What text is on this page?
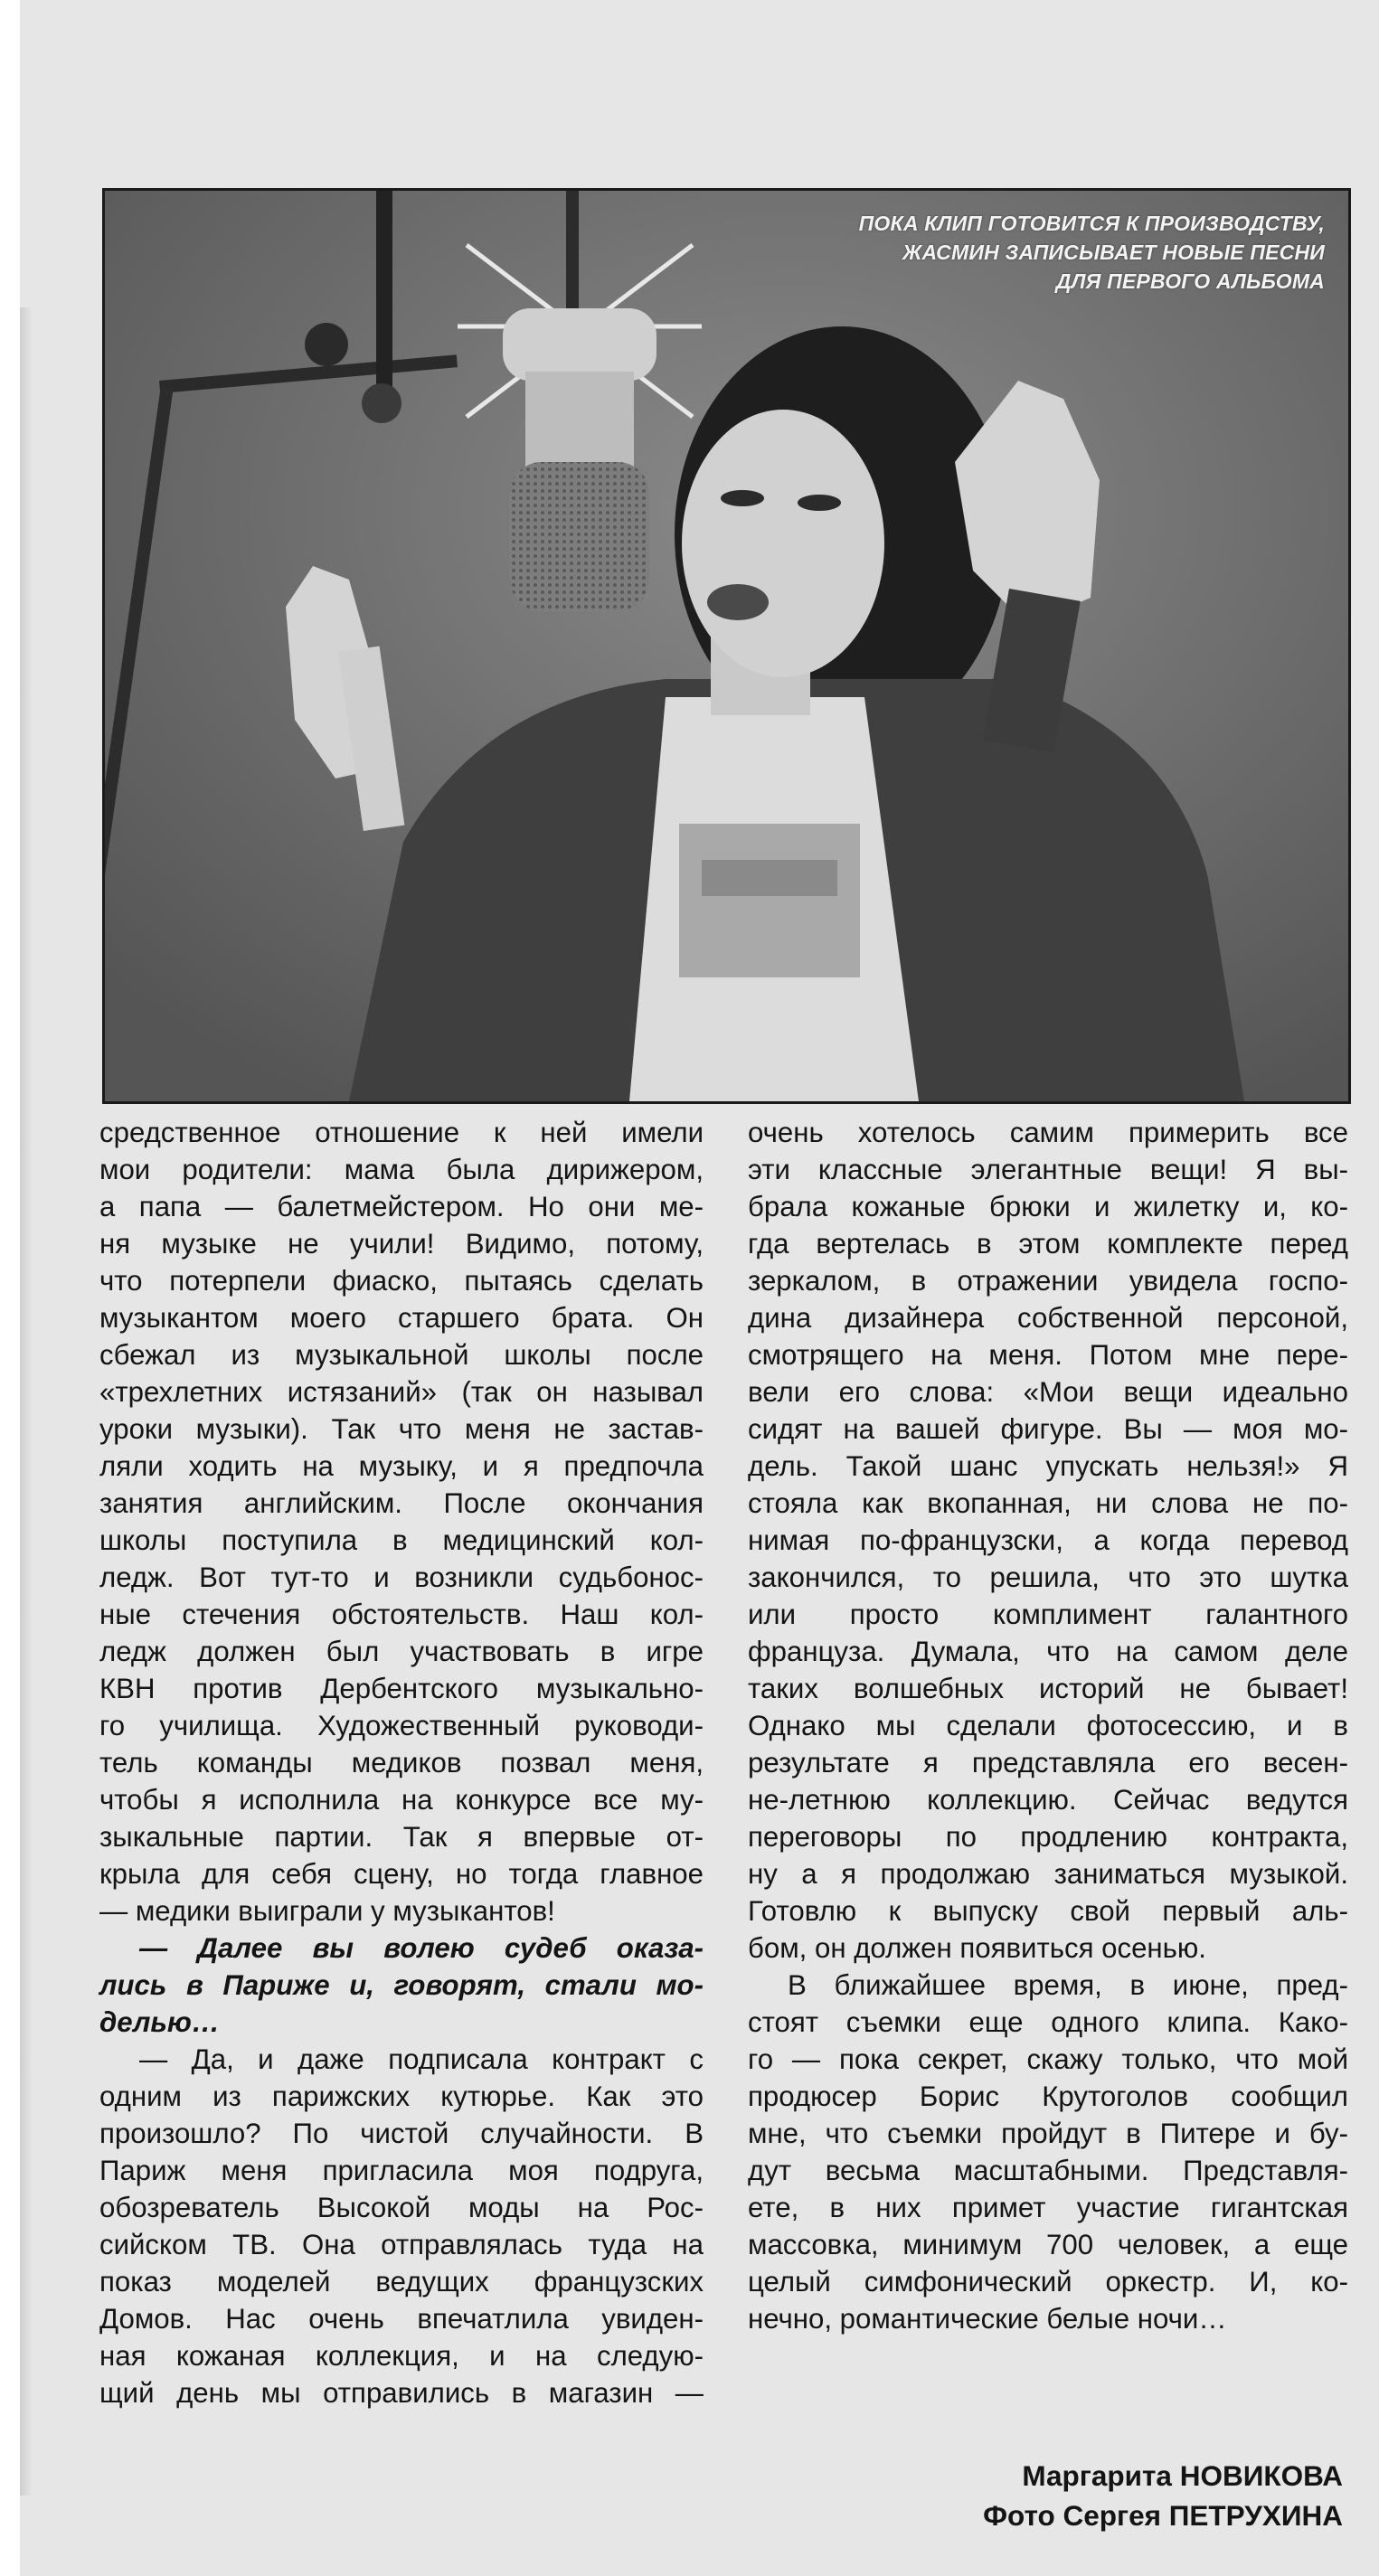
ПОКА КЛИП ГОТОВИТСЯ К ПРОИЗВОДСТВУ,
ЖАСМИН ЗАПИСЫВАЕТ НОВЫЕ ПЕСНИ
ДЛЯ ПЕРВОГО АЛЬБОМА
средственное отношение к ней имели
мои родители: мама была дирижером,
а папа — балетмейстером. Но они ме-
ня музыке не учили! Видимо, потому,
что потерпели фиаско, пытаясь сделать
музыкантом моего старшего брата. Он
сбежал из музыкальной школы после
«трехлетних истязаний» (так он называл
уроки музыки). Так что меня не застав-
ляли ходить на музыку, и я предпочла
занятия английским. После окончания
школы поступила в медицинский кол-
ледж. Вот тут-то и возникли судьбонос-
ные стечения обстоятельств. Наш кол-
ледж должен был участвовать в игре
КВН против Дербентского музыкально-
го училища. Художественный руководи-
тель команды медиков позвал меня,
чтобы я исполнила на конкурсе все му-
зыкальные партии. Так я впервые от-
крыла для себя сцену, но тогда главное
— медики выиграли у музыкантов!
— Далее вы волею судеб оказа-
лись в Париже и, говорят, стали мо-
делью…
— Да, и даже подписала контракт с
одним из парижских кутюрье. Как это
произошло? По чистой случайности. В
Париж меня пригласила моя подруга,
обозреватель Высокой моды на Рос-
сийском ТВ. Она отправлялась туда на
показ моделей ведущих французских
Домов. Нас очень впечатлила увиден-
ная кожаная коллекция, и на следую-
щий день мы отправились в магазин —
очень хотелось самим примерить все
эти классные элегантные вещи! Я вы-
брала кожаные брюки и жилетку и, ко-
гда вертелась в этом комплекте перед
зеркалом, в отражении увидела госпо-
дина дизайнера собственной персоной,
смотрящего на меня. Потом мне пере-
вели его слова: «Мои вещи идеально
сидят на вашей фигуре. Вы — моя мо-
дель. Такой шанс упускать нельзя!» Я
стояла как вкопанная, ни слова не по-
нимая по-французски, а когда перевод
закончился, то решила, что это шутка
или просто комплимент галантного
француза. Думала, что на самом деле
таких волшебных историй не бывает!
Однако мы сделали фотосессию, и в
результате я представляла его весен-
не-летнюю коллекцию. Сейчас ведутся
переговоры по продлению контракта,
ну а я продолжаю заниматься музыкой.
Готовлю к выпуску свой первый аль-
бом, он должен появиться осенью.
В ближайшее время, в июне, пред-
стоят съемки еще одного клипа. Како-
го — пока секрет, скажу только, что мой
продюсер Борис Крутоголов сообщил
мне, что съемки пройдут в Питере и бу-
дут весьма масштабными. Представля-
ете, в них примет участие гигантская
массовка, минимум 700 человек, а еще
целый симфонический оркестр. И, ко-
нечно, романтические белые ночи…
Маргарита НОВИКОВА
Фото Сергея ПЕТРУХИНА
